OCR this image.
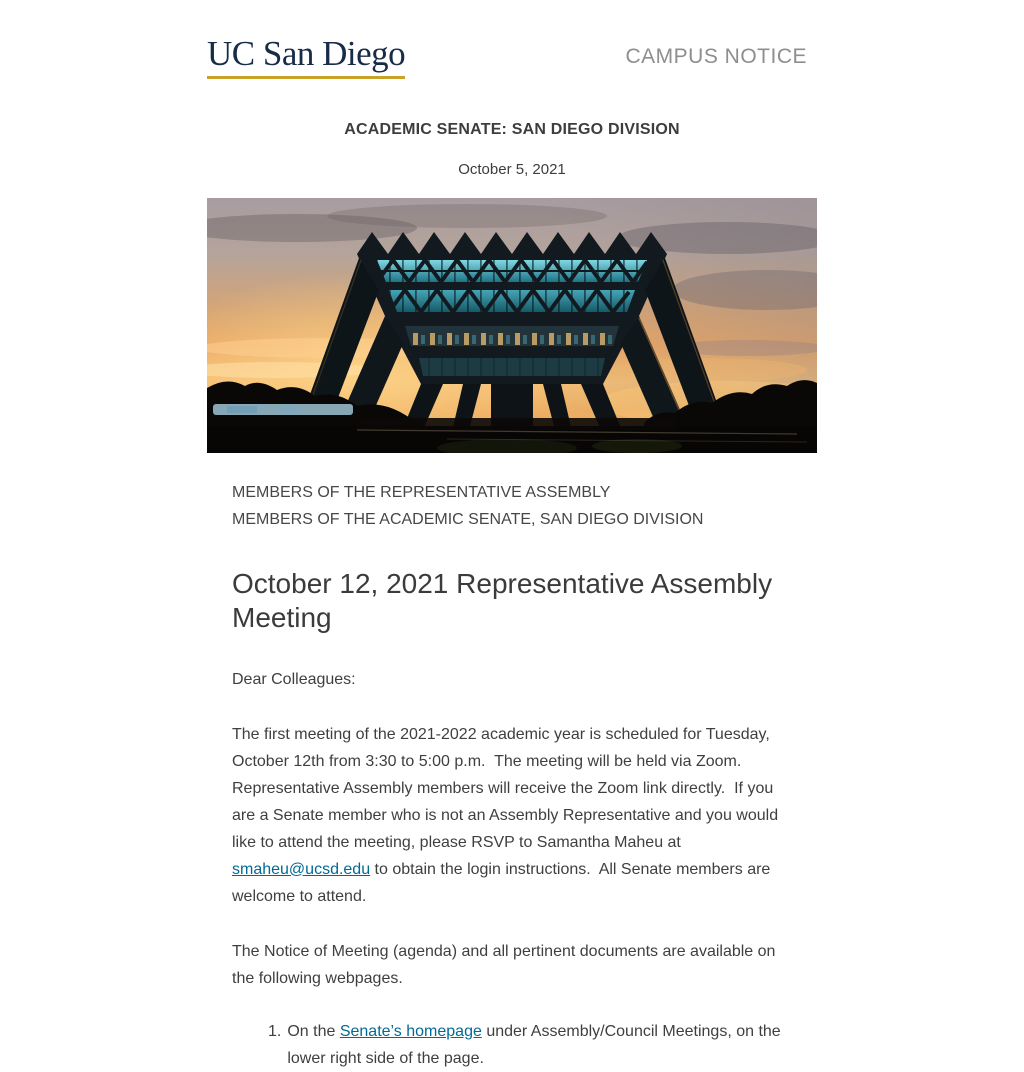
UC San Diego	CAMPUS NOTICE
ACADEMIC SENATE: SAN DIEGO DIVISION
October 5, 2021
MEMBERS OF THE REPRESENTATIVE ASSEMBLY
MEMBERS OF THE ACADEMIC SENATE, SAN DIEGO DIVISION
October 12, 2021 Representative Assembly Meeting

Dear Colleagues:

The first meeting of the 2021-2022 academic year is scheduled for Tuesday, October 12th from 3:30 to 5:00 p.m.  The meeting will be held via Zoom.  Representative Assembly members will receive the Zoom link directly.  If you are a Senate member who is not an Assembly Representative and you would like to attend the meeting, please RSVP to Samantha Maheu at smaheu@ucsd.edu to obtain the login instructions.  All Senate members are welcome to attend.

The Notice of Meeting (agenda) and all pertinent documents are available on the following webpages.

1. On the Senate’s homepage under Assembly/Council Meetings, on the lower right side of the page.
